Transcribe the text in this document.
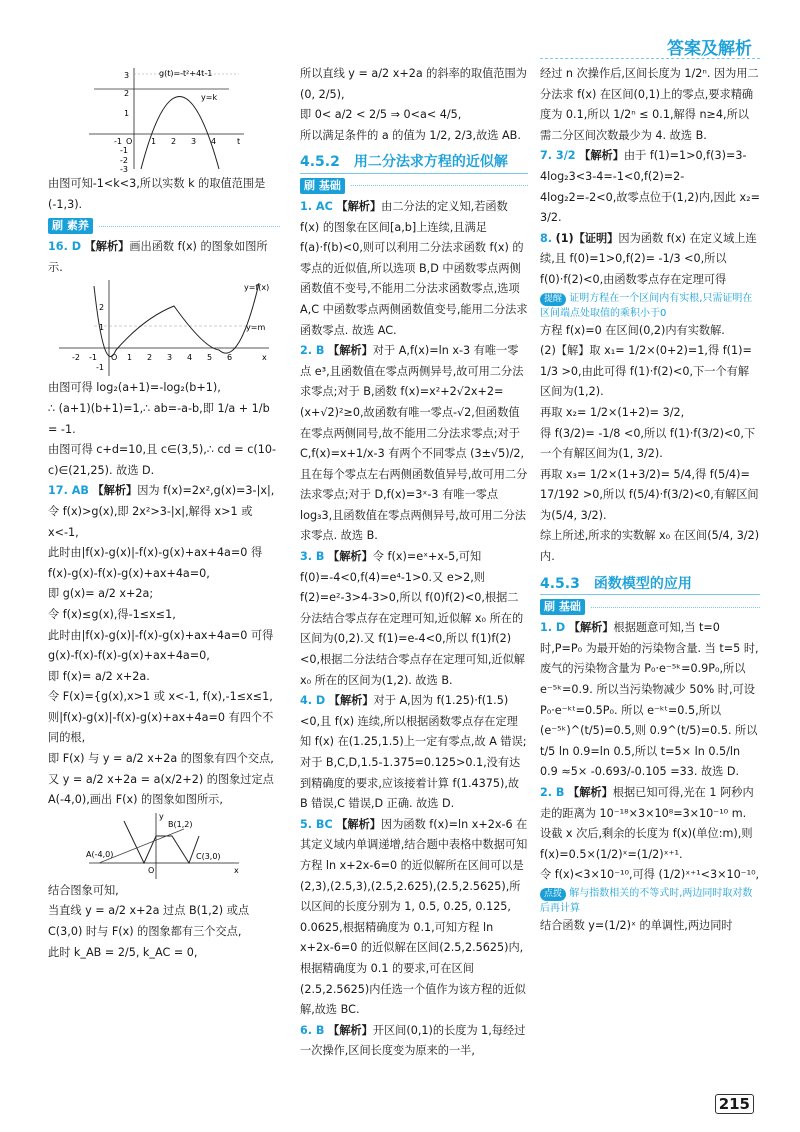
答案及解析
g(t)=-t²+4t-1
y=k
-1 O 1 2 3 4	t
3
2
1
-1
-2
-3

由图可知-1<k<3,所以实数 k 的取值范围是(-1,3).

刷 素养

16. D 【解析】画出函数 f(x) 的图象如图所示.

y=f(x)
y=m
-2 -1 O 1 2 3 4 5 6	x
2
1
-1

由图可得 log₂(a+1)=-log₂(b+1),

∴ (a+1)(b+1)=1,∴ ab=-a-b,即 1/a + 1/b = -1.

由图可得 c+d=10,且 c∈(3,5),∴ cd = c(10-c)∈(21,25). 故选 D.

17. AB 【解析】因为 f(x)=2x²,g(x)=3-|x|,

令 f(x)>g(x),即 2x²>3-|x|,解得 x>1 或 x<-1,

此时由|f(x)-g(x)|-f(x)-g(x)+ax+4a=0 得 f(x)-g(x)-f(x)-g(x)+ax+4a=0,

即 g(x)= a/2 x+2a;

令 f(x)≤g(x),得-1≤x≤1,

此时由|f(x)-g(x)|-f(x)-g(x)+ax+4a=0 可得 g(x)-f(x)-f(x)-g(x)+ax+4a=0,

即 f(x)= a/2 x+2a.

令 F(x)={g(x),x>1 或 x<-1, f(x),-1≤x≤1,

则|f(x)-g(x)|-f(x)-g(x)+ax+4a=0 有四个不同的根,

即 F(x) 与 y = a/2 x+2a 的图象有四个交点,

又 y = a/2 x+2a = a(x/2+2) 的图象过定点 A(-4,0),画出 F(x) 的图象如图所示,

A(-4,0)
B(1,2)
C(3,0)
O	x
y

结合图象可知,

当直线 y = a/2 x+2a 过点 B(1,2) 或点 C(3,0) 时与 F(x) 的图象都有三个交点,

此时 k_AB = 2/5, k_AC = 0,

所以直线 y = a/2 x+2a 的斜率的取值范围为(0, 2/5),

即 0< a/2 < 2/5 ⇒ 0<a< 4/5,

所以满足条件的 a 的值为 1/2, 2/3,故选 AB.

4.5.2　用二分法求方程的近似解
刷 基础

1. AC 【解析】由二分法的定义知,若函数 f(x) 的图象在区间[a,b]上连续,且满足 f(a)·f(b)<0,则可以利用二分法求函数 f(x) 的零点的近似值,所以选项 B,D 中函数零点两侧函数值不变号,不能用二分法求函数零点,选项 A,C 中函数零点两侧函数值变号,能用二分法求函数零点. 故选 AC.

2. B 【解析】对于 A,f(x)=ln x-3 有唯一零点 e³,且函数值在零点两侧异号,故可用二分法求零点;对于 B,函数 f(x)=x²+2√2x+2=(x+√2)²≥0,故函数有唯一零点-√2,但函数值在零点两侧同号,故不能用二分法求零点;对于 C,f(x)=x+1/x-3 有两个不同零点 (3±√5)/2,且在每个零点左右两侧函数值异号,故可用二分法求零点;对于 D,f(x)=3ˣ-3 有唯一零点 log₃3,且函数值在零点两侧异号,故可用二分法求零点. 故选 B.

3. B 【解析】令 f(x)=eˣ+x-5,可知 f(0)=-4<0,f(4)=e⁴-1>0.又 e>2,则 f(2)=e²-3>4-3>0,所以 f(0)f(2)<0,根据二分法结合零点存在定理可知,近似解 x₀ 所在的区间为(0,2).又 f(1)=e-4<0,所以 f(1)f(2)<0,根据二分法结合零点存在定理可知,近似解 x₀ 所在的区间为(1,2). 故选 B.

4. D 【解析】对于 A,因为 f(1.25)·f(1.5)<0,且 f(x) 连续,所以根据函数零点存在定理知 f(x) 在(1.25,1.5)上一定有零点,故 A 错误;对于 B,C,D,1.5-1.375=0.125>0.1,没有达到精确度的要求,应该接着计算 f(1.4375),故 B 错误,C 错误,D 正确. 故选 D.

5. BC 【解析】因为函数 f(x)=ln x+2x-6 在其定义域内单调递增,结合题中表格中数据可知方程 ln x+2x-6=0 的近似解所在区间可以是(2,3),(2.5,3),(2.5,2.625),(2.5,2.5625),所以区间的长度分别为 1, 0.5, 0.25, 0.125, 0.0625,根据精确度为 0.1,可知方程 ln x+2x-6=0 的近似解在区间(2.5,2.5625)内,根据精确度为 0.1 的要求,可在区间(2.5,2.5625)内任选一个值作为该方程的近似解,故选 BC.

6. B 【解析】开区间(0,1)的长度为 1,每经过一次操作,区间长度变为原来的一半,

经过 n 次操作后,区间长度为 1/2ⁿ. 因为用二分法求 f(x) 在区间(0,1)上的零点,要求精确度为 0.1,所以 1/2ⁿ ≤ 0.1,解得 n≥4,所以需二分区间次数最少为 4. 故选 B.

7. 3/2 【解析】由于 f(1)=1>0,f(3)=3-4log₂3<3-4=-1<0,f(2)=2-4log₂2=-2<0,故零点位于(1,2)内,因此 x₂= 3/2.

8. (1)【证明】因为函数 f(x) 在定义域上连续,且 f(0)=1>0,f(2)= -1/3 <0,所以 f(0)·f(2)<0,由函数零点存在定理可得

提醒 证明方程在一个区间内有实根,只需证明在区间端点处取值的乘积小于0

方程 f(x)=0 在区间(0,2)内有实数解.

(2)【解】取 x₁= 1/2×(0+2)=1,得 f(1)= 1/3 >0,由此可得 f(1)·f(2)<0,下一个有解区间为(1,2).

再取 x₂= 1/2×(1+2)= 3/2,

得 f(3/2)= -1/8 <0,所以 f(1)·f(3/2)<0,下一个有解区间为(1, 3/2).

再取 x₃= 1/2×(1+3/2)= 5/4,得 f(5/4)= 17/192 >0,所以 f(5/4)·f(3/2)<0,有解区间为(5/4, 3/2).

综上所述,所求的实数解 x₀ 在区间(5/4, 3/2)内.

4.5.3　函数模型的应用
刷 基础

1. D 【解析】根据题意可知,当 t=0 时,P=P₀ 为最开始的污染物含量. 当 t=5 时,废气的污染物含量为 P₀·e⁻⁵ᵏ=0.9P₀,所以 e⁻⁵ᵏ=0.9. 所以当污染物减少 50% 时,可设 P₀·e⁻ᵏᵗ=0.5P₀. 所以 e⁻ᵏᵗ=0.5,所以 (e⁻⁵ᵏ)^(t/5)=0.5,则 0.9^(t/5)=0.5. 所以 t/5 ln 0.9=ln 0.5,所以 t=5× ln 0.5/ln 0.9 ≈5× -0.693/-0.105 =33. 故选 D.

2. B 【解析】根据已知可得,光在 1 阿秒内走的距离为 10⁻¹⁸×3×10⁸=3×10⁻¹⁰ m. 设截 x 次后,剩余的长度为 f(x)(单位:m),则 f(x)=0.5×(1/2)ˣ=(1/2)ˣ⁺¹.

令 f(x)<3×10⁻¹⁰,可得 (1/2)ˣ⁺¹<3×10⁻¹⁰,

点拨 解与指数相关的不等式时,两边同时取对数后再计算

结合函数 y=(1/2)ˣ 的单调性,两边同时

215
